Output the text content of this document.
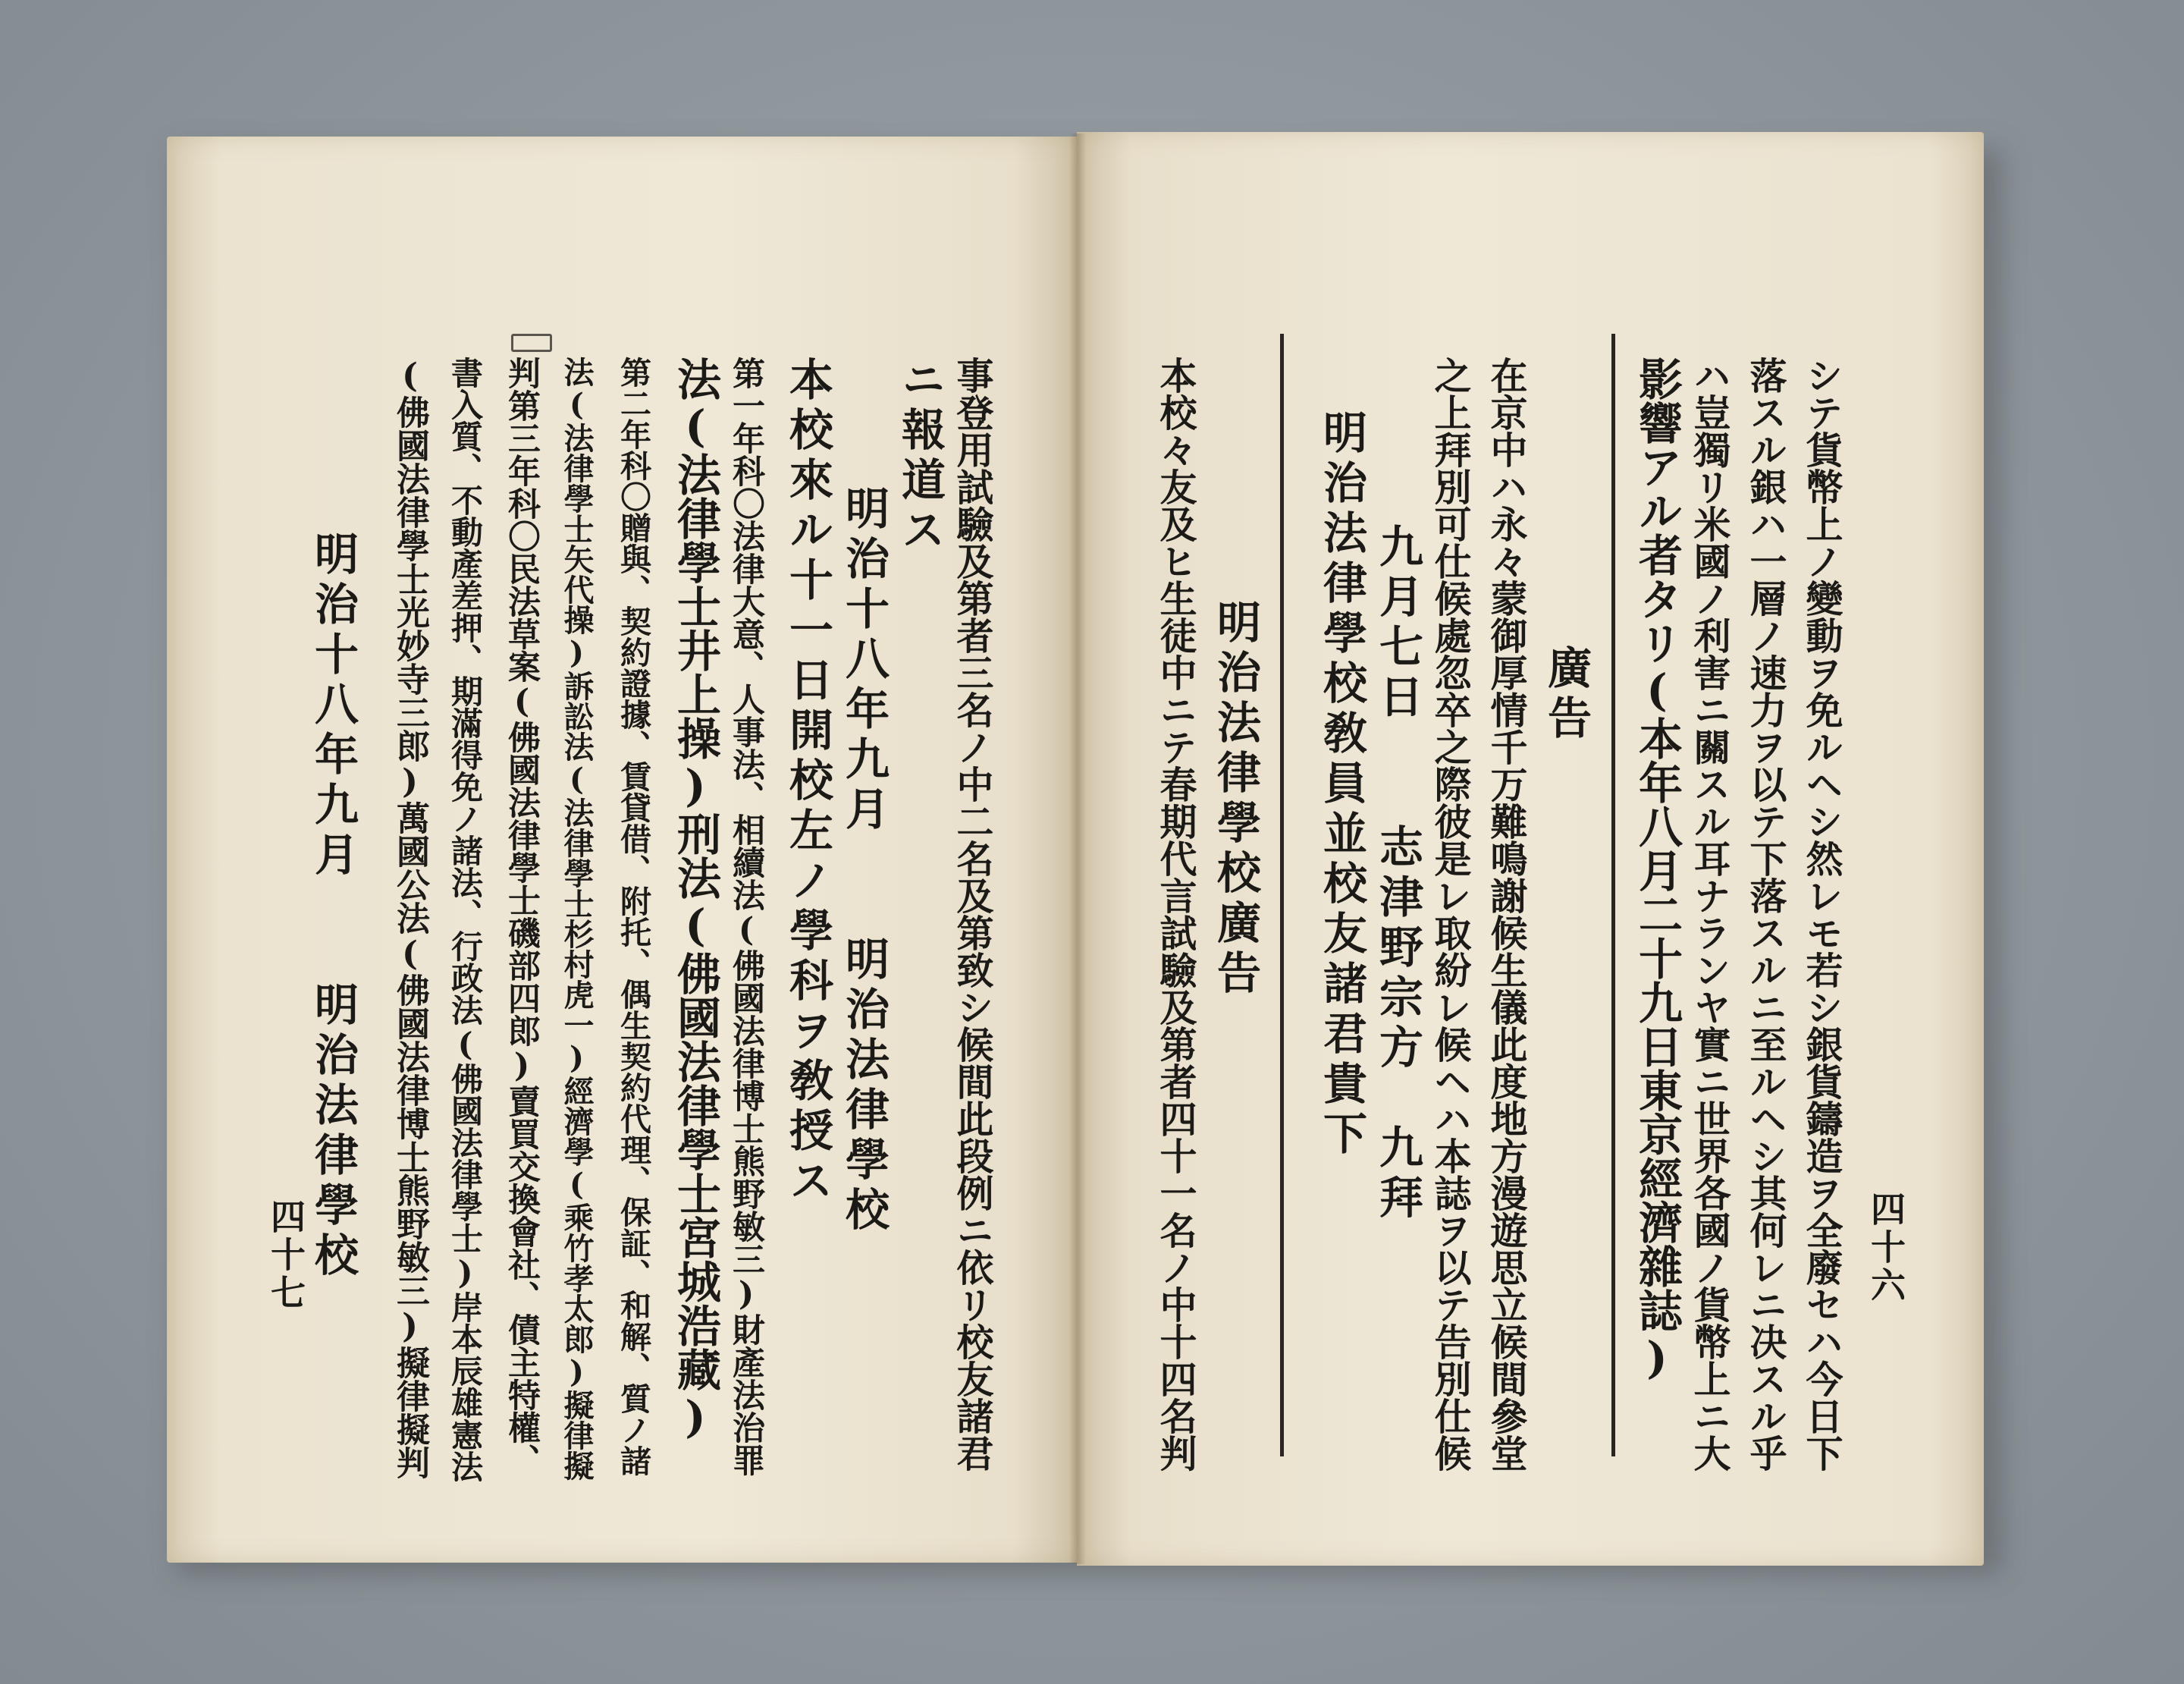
事登用試驗及第者三名ノ中二名及第致シ候間此段例ニ依リ校友諸君
ニ報道ス
明治十八年九月　　明治法律學校
本校來ル十一日開校左ノ學科ヲ敎授ス
第一年科〇法律大意、人事法、相續法(佛國法律博士熊野敏三)財產法治罪
法(法律學士井上操)刑法(佛國法律學士宮城浩藏)
第二年科〇贈與、契約證據、賃貸借、附托、偶生契約代理、保証、和解、質ノ諸
法(法律學士矢代操)訴訟法(法律學士杉村虎一)經濟學(乘竹孝太郎)擬律擬
判第三年科〇民法草案(佛國法律學士磯部四郎)賣買交換會社、債主特權、
書入質、不動產差押、期滿得免ノ諸法、行政法(佛國法律學士)岸本辰雄憲法
(佛國法律學士光妙寺三郎)萬國公法(佛國法律博士熊野敏三)擬律擬判
明治十八年九月　　明治法律學校
四十七	シテ貨幣上ノ變動ヲ免ルヘシ然レモ若シ銀貨鑄造ヲ全廢セハ今日下
落スル銀ハ一層ノ速力ヲ以テ下落スルニ至ルヘシ其何レニ决スル乎
ハ豈獨リ米國ノ利害ニ關スル耳ナランヤ實ニ世界各國ノ貨幣上ニ大
影響アル者タリ(本年八月二十九日東京經濟雜誌)
廣告
在京中ハ永々蒙御厚情千万難鳴謝候生儀此度地方漫遊思立候間參堂
之上拜別可仕候處忽卒之際彼是レ取紛レ候ヘハ本誌ヲ以テ告別仕候
九月七日　　志津野宗方　九拜
明治法律學校敎員並校友諸君貴下
明治法律學校廣告
本校々友及ヒ生徒中ニテ春期代言試驗及第者四十一名ノ中十四名判	四十六
